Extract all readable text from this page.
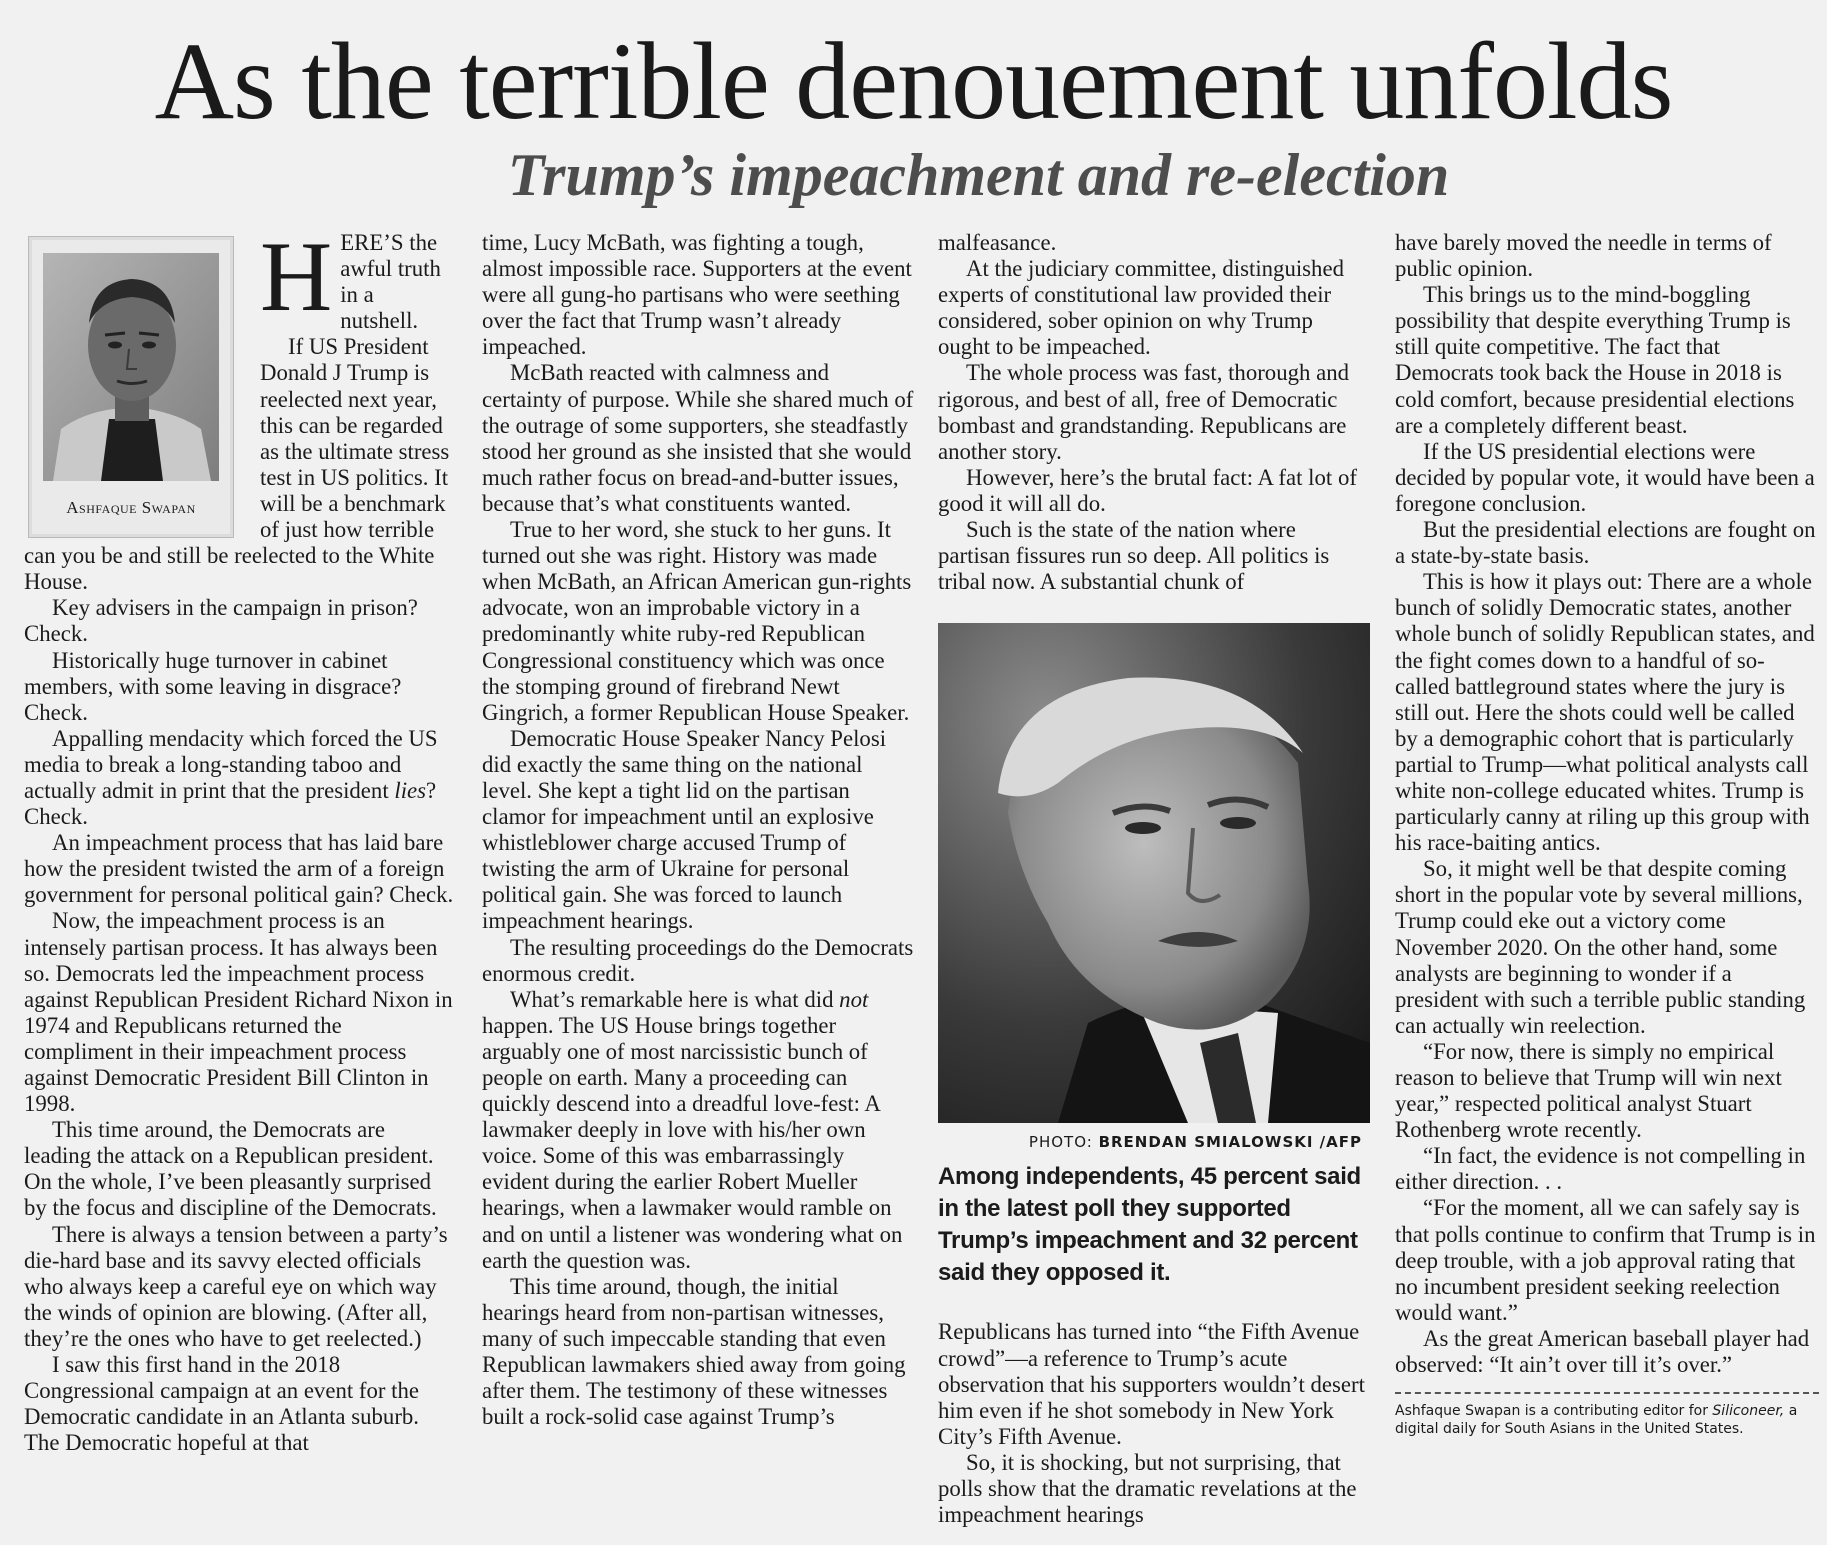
As the terrible denouement unfolds
Trump’s impeachment and re-election
Ashfaque Swapan
H ERE’S the awful truth in a nutshell.

If US President Donald J Trump is reelected next year, this can be regarded as the ultimate stress test in US politics. It will be a benchmark of just how terrible can you be and still be reelected to the White House.

Key advisers in the campaign in prison? Check.

Historically huge turnover in cabinet members, with some leaving in disgrace? Check.

Appalling mendacity which forced the US media to break a long-standing taboo and actually admit in print that the president lies? Check.

An impeachment process that has laid bare how the president twisted the arm of a foreign government for personal political gain? Check.

Now, the impeachment process is an intensely partisan process. It has always been so. Democrats led the impeachment process against Republican President Richard Nixon in 1974 and Republicans returned the compliment in their impeachment process against Democratic President Bill Clinton in 1998.

This time around, the Democrats are leading the attack on a Republican president. On the whole, I’ve been pleasantly surprised by the focus and discipline of the Democrats.

There is always a tension between a party’s die-hard base and its savvy elected officials who always keep a careful eye on which way the winds of opinion are blowing. (After all, they’re the ones who have to get reelected.)

I saw this first hand in the 2018 Congressional campaign at an event for the Democratic candidate in an Atlanta suburb. The Democratic hopeful at that

time, Lucy McBath, was fighting a tough, almost impossible race. Supporters at the event were all gung-ho partisans who were seething over the fact that Trump wasn’t already impeached.

McBath reacted with calmness and certainty of purpose. While she shared much of the outrage of some supporters, she steadfastly stood her ground as she insisted that she would much rather focus on bread-and-butter issues, because that’s what constituents wanted.

True to her word, she stuck to her guns. It turned out she was right. History was made when McBath, an African American gun-rights advocate, won an improbable victory in a predominantly white ruby-red Republican Congressional constituency which was once the stomping ground of firebrand Newt Gingrich, a former Republican House Speaker.

Democratic House Speaker Nancy Pelosi did exactly the same thing on the national level. She kept a tight lid on the partisan clamor for impeachment until an explosive whistleblower charge accused Trump of twisting the arm of Ukraine for personal political gain. She was forced to launch impeachment hearings.

The resulting proceedings do the Democrats enormous credit.

What’s remarkable here is what did not happen. The US House brings together arguably one of most narcissistic bunch of people on earth. Many a proceeding can quickly descend into a dreadful love-fest: A lawmaker deeply in love with his/her own voice. Some of this was embarrassingly evident during the earlier Robert Mueller hearings, when a lawmaker would ramble on and on until a listener was wondering what on earth the question was.

This time around, though, the initial hearings heard from non-partisan witnesses, many of such impeccable standing that even Republican lawmakers shied away from going after them. The testimony of these witnesses built a rock-solid case against Trump’s

malfeasance.

At the judiciary committee, distinguished experts of constitutional law provided their considered, sober opinion on why Trump ought to be impeached.

The whole process was fast, thorough and rigorous, and best of all, free of Democratic bombast and grandstanding. Republicans are another story.

However, here’s the brutal fact: A fat lot of good it will all do.

Such is the state of the nation where partisan fissures run so deep. All politics is tribal now. A substantial chunk of

PHOTO: BRENDAN SMIALOWSKI /AFP
Among independents, 45 percent said in the latest poll they supported Trump’s impeachment and 32 percent said they opposed it.

Republicans has turned into “the Fifth Avenue crowd”—a reference to Trump’s acute observation that his supporters wouldn’t desert him even if he shot somebody in New York City’s Fifth Avenue.

So, it is shocking, but not surprising, that polls show that the dramatic revelations at the impeachment hearings

have barely moved the needle in terms of public opinion.

This brings us to the mind-boggling possibility that despite everything Trump is still quite competitive. The fact that Democrats took back the House in 2018 is cold comfort, because presidential elections are a completely different beast.

If the US presidential elections were decided by popular vote, it would have been a foregone conclusion.

But the presidential elections are fought on a state-by-state basis.

This is how it plays out: There are a whole bunch of solidly Democratic states, another whole bunch of solidly Republican states, and the fight comes down to a handful of so-called battleground states where the jury is still out. Here the shots could well be called by a demographic cohort that is particularly partial to Trump—what political analysts call white non-college educated whites. Trump is particularly canny at riling up this group with his race-baiting antics.

So, it might well be that despite coming short in the popular vote by several millions, Trump could eke out a victory come November 2020. On the other hand, some analysts are beginning to wonder if a president with such a terrible public standing can actually win reelection.

“For now, there is simply no empirical reason to believe that Trump will win next year,” respected political analyst Stuart Rothenberg wrote recently.

“In fact, the evidence is not compelling in either direction. . .

“For the moment, all we can safely say is that polls continue to confirm that Trump is in deep trouble, with a job approval rating that no incumbent president seeking reelection would want.”

As the great American baseball player had observed: “It ain’t over till it’s over.”

Ashfaque Swapan is a contributing editor for Siliconeer, a digital daily for South Asians in the United States.
